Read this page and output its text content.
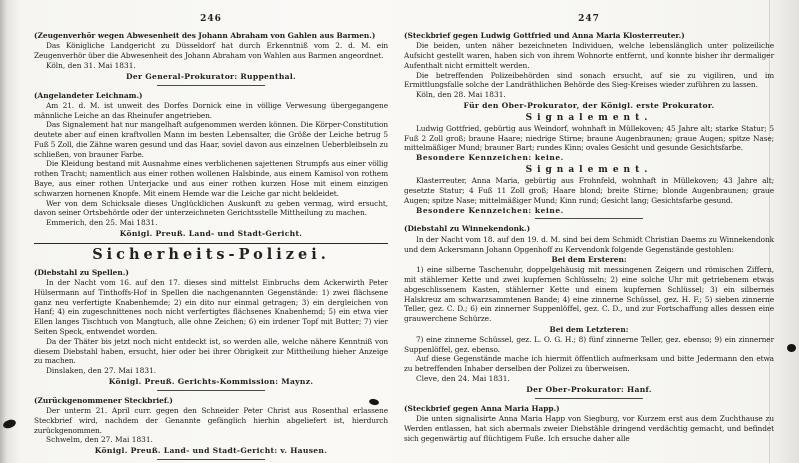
246
(Zeugenverhör wegen Abwesenheit des Johann Abraham von Gahlen aus Barmen.)

Das Königliche Landgericht zu Düsseldorf hat durch Erkenntniß vom 2. d. M. ein Zeugenverhör über die Abwesenheit des Johann Abraham von Wahlen aus Barmen angeordnet.

Köln, den 31. Mai 1831.

Der General-Prokurator: Ruppenthal.

(Angelandeter Leichnam.)

Am 21. d. M. ist unweit des Dorfes Dornick eine in völlige Verwesung übergegangene männliche Leiche an das Rheinufer angetrieben.

Das Signalement hat nur mangelhaft aufgenommen werden können. Die Körper-Constitution deutete aber auf einen kraftvollen Mann im besten Lebensalter, die Größe der Leiche betrug 5 Fuß 5 Zoll, die Zähne waren gesund und das Haar, soviel davon aus einzelnen Ueberbleibseln zu schließen, von brauner Farbe.

Die Kleidung bestand mit Ausnahme eines verblichenen sajettenen Strumpfs aus einer völlig rothen Tracht; namentlich aus einer rothen wollenen Halsbinde, aus einem Kamisol von rothem Baye, aus einer rothen Unterjacke und aus einer rothen kurzen Hose mit einem einzigen schwarzen hornenen Knopfe. Mit einem Hemde war die Leiche gar nicht bekleidet.

Wer von dem Schicksale dieses Unglücklichen Auskunft zu geben vermag, wird ersucht, davon seiner Ortsbehörde oder der unterzeichneten Gerichtsstelle Mittheilung zu machen.

Emmerich, den 25. Mai 1831.

Königl. Preuß. Land- und Stadt-Gericht.

Sicherheits-Polizei.
(Diebstahl zu Spellen.)

In der Nacht vom 16. auf den 17. dieses sind mittelst Einbruchs dem Ackerwirth Peter Hülsermann auf Tinthoffs-Hof in Spellen die nachgenannten Gegenstände: 1) zwei flächsene ganz neu verfertigte Knabenhemde; 2) ein dito nur einmal getragen; 3) ein dergleichen von Hanf; 4) ein zugeschnittenes noch nicht verfertigtes flächsenes Knabenhemd; 5) ein etwa vier Ellen langes Tischtuch von Mangtuch, alle ohne Zeichen; 6) ein irdener Topf mit Butter; 7) vier Seiten Speck, entwendet worden.

Da der Thäter bis jetzt noch nicht entdeckt ist, so werden alle, welche nähere Kenntniß von diesem Diebstahl haben, ersucht, hier oder bei ihrer Obrigkeit zur Mittheilung hieher Anzeige zu machen.

Dinslaken, den 27. Mai 1831.

Königl. Preuß. Gerichts-Kommission: Maynz.

(Zurückgenommener Steckbrief.)

Der unterm 21. April curr. gegen den Schneider Peter Christ aus Rosenthal erlassene Steckbrief wird, nachdem der Genannte gefänglich hierhin abgeliefert ist, hierdurch zurückgenommen.

Schwelm, den 27. Mai 1831.

Königl. Preuß. Land- und Stadt-Gericht: v. Hausen.

247
(Steckbrief gegen Ludwig Gottfried und Anna Maria Klosterreuter.)

Die beiden, unten näher bezeichneten Individuen, welche lebenslänglich unter polizeiliche Aufsicht gestellt waren, haben sich von ihrem Wohnorte entfernt, und konnte bisher ihr dermaliger Aufenthalt nicht ermittelt werden.

Die betreffenden Polizeibehörden sind sonach ersucht, auf sie zu vigiliren, und im Ermittlungsfalle solche der Landräthlichen Behörde des Sieg-Kreises wieder zuführen zu lassen.

Köln, den 28. Mai 1831.

Für den Ober-Prokurator, der Königl. erste Prokurator.

Signalement.

Ludwig Gottfried, gebürtig aus Weindorf, wohnhaft in Müllekoven; 45 Jahre alt; starke Statur; 5 Fuß 2 Zoll groß; braune Haare; niedrige Stirne; braune Augenbraunen; graue Augen; spitze Nase; mittelmäßiger Mund; brauner Bart; rundes Kinn; ovales Gesicht und gesunde Gesichtsfarbe.

Besondere Kennzeichen: keine.

Signalement.

Klasterreuter, Anna Maria, gebürtig aus Frohnfeld, wohnhaft in Müllekoven; 43 Jahre alt; gesetzte Statur; 4 Fuß 11 Zoll groß; Haare blond; breite Stirne; blonde Augenbraunen; graue Augen; spitze Nase; mittelmäßiger Mund; Kinn rund; Gesicht lang; Gesichtsfarbe gesund.

Besondere Kennzeichen: keine.

(Diebstahl zu Winnekendonk.)

In der Nacht vom 18. auf den 19. d. M. sind bei dem Schmidt Christian Daems zu Winnekendonk und dem Ackersmann Johann Opgenhoff zu Kervendonk folgende Gegenstände gestohlen:

Bei dem Ersteren:

1) eine silberne Taschenuhr, doppelgehäusig mit messingenen Zeigern und römischen Ziffern, mit stählerner Kette und zwei kupfernen Schlüsseln; 2) eine solche Uhr mit getriebenem etwas abgeschlissenem Kasten, stählerner Kette und einem kupfernen Schlüssel; 3) ein silbernes Halskreuz am schwarzsammtenen Bande; 4) eine zinnerne Schüssel, gez. H. F.; 5) sieben zinnerne Teller, gez. C. D.; 6) ein zinnerner Suppenlöffel, gez. C. D., und zur Fortschaffung alles dessen eine grauwerchene Schürze.

Bei dem Letzteren:

7) eine zinnerne Schüssel, gez. L. O. G. H.; 8) fünf zinnerne Teller, gez. ebenso; 9) ein zinnerner Suppenlöffel, gez. ebenso.

Auf diese Gegenstände mache ich hiermit öffentlich aufmerksam und bitte Jedermann den etwa zu betreffenden Inhaber derselben der Polizei zu überweisen.

Cleve, den 24. Mai 1831.

Der Ober-Prokurator: Hanf.

(Steckbrief gegen Anna Maria Happ.)

Die unten signalisirte Anna Maria Happ von Siegburg, vor Kurzem erst aus dem Zuchthause zu Werden entlassen, hat sich abermals zweier Diebstähle dringend verdächtig gemacht, und befindet sich gegenwärtig auf flüchtigem Fuße. Ich ersuche daher alle
